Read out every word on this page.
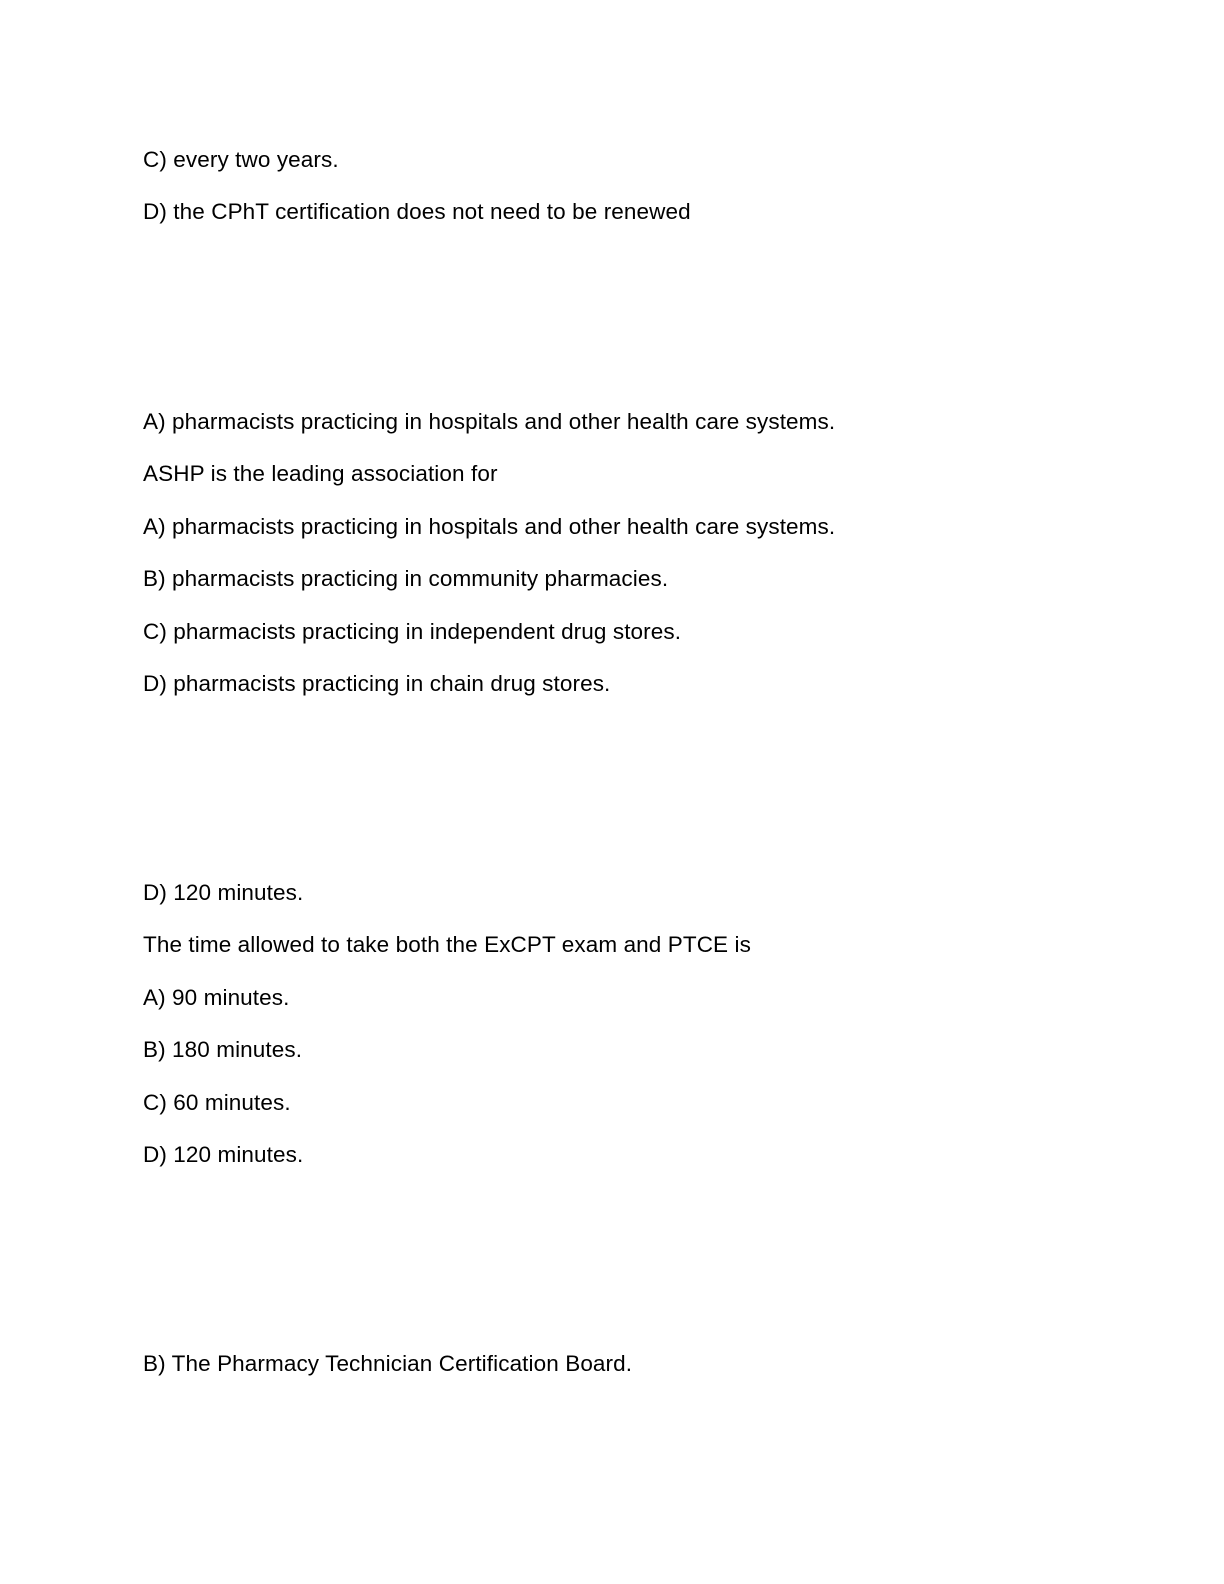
C) every two years.
D) the CPhT certification does not need to be renewed
A) pharmacists practicing in hospitals and other health care systems.
ASHP is the leading association for
A) pharmacists practicing in hospitals and other health care systems.
B) pharmacists practicing in community pharmacies.
C) pharmacists practicing in independent drug stores.
D) pharmacists practicing in chain drug stores.
D) 120 minutes.
The time allowed to take both the ExCPT exam and PTCE is
A) 90 minutes.
B) 180 minutes.
C) 60 minutes.
D) 120 minutes.
B) The Pharmacy Technician Certification Board.
